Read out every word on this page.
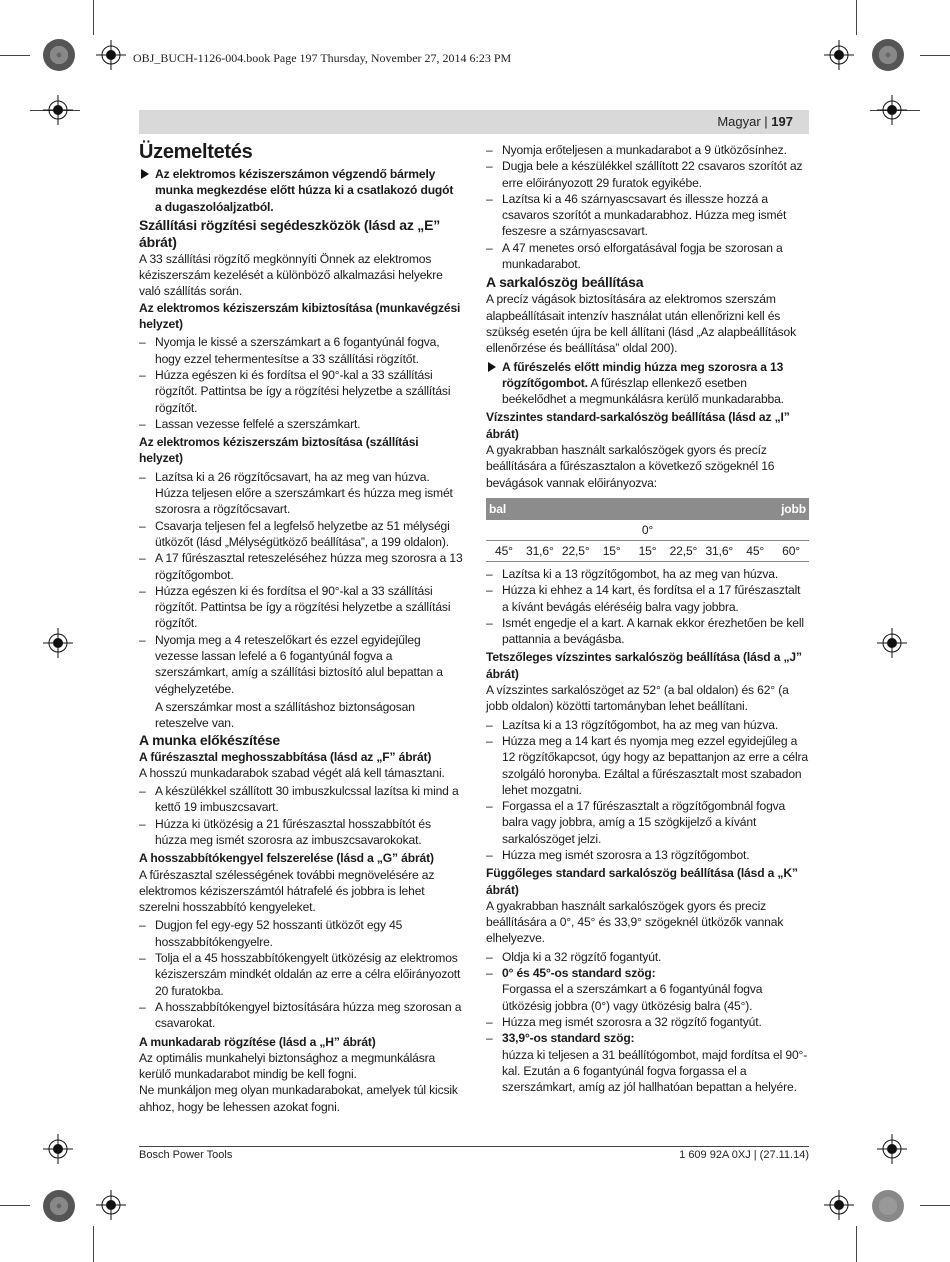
OBJ_BUCH-1126-004.book Page 197 Thursday, November 27, 2014 6:23 PM
Magyar | 197

Üzemeltetés

Az elektromos kéziszerszámon végzendő bármely munka megkezdése előtt húzza ki a csatlakozó dugót a dugaszolóaljzatból.

Szállítási rögzítési segédeszközök (lásd az „E” ábrát)

A 33 szállítási rögzítő megkönnyíti Önnek az elektromos kéziszerszám kezelését a különböző alkalmazási helyekre való szállítás során.

Az elektromos kéziszerszám kibiztosítása (munkavégzési helyzet)

– Nyomja le kissé a szerszámkart a 6 fogantyúnál fogva, hogy ezzel tehermentesítse a 33 szállítási rögzítőt.
– Húzza egészen ki és fordítsa el 90°-kal a 33 szállítási rögzítőt. Pattintsa be így a rögzítési helyzetbe a szállítási rögzítőt.
– Lassan vezesse felfelé a szerszámkart.

Az elektromos kéziszerszám biztosítása (szállítási helyzet)

– Lazítsa ki a 26 rögzítőcsavart, ha az meg van húzva. Húzza teljesen előre a szerszámkart és húzza meg ismét szorosra a rögzítőcsavart.
– Csavarja teljesen fel a legfelső helyzetbe az 51 mélységi ütközőt (lásd „Mélységütköző beállítása”, a 199 oldalon).
– A 17 fűrészasztal reteszeléséhez húzza meg szorosra a 13 rögzítőgombot.
– Húzza egészen ki és fordítsa el 90°-kal a 33 szállítási rögzítőt. Pattintsa be így a rögzítési helyzetbe a szállítási rögzítőt.
– Nyomja meg a 4 reteszelőkart és ezzel egyidejűleg vezesse lassan lefelé a 6 fogantyúnál fogva a szerszámkart, amíg a szállítási biztosító alul bepattan a véghelyzetébe.

A szerszámkar most a szállításhoz biztonságosan reteszelve van.

A munka előkészítése

A fűrészasztal meghosszabbítása (lásd az „F” ábrát)

A hosszú munkadarabok szabad végét alá kell támasztani.

– A készülékkel szállított 30 imbuszkulcssal lazítsa ki mind a kettő 19 imbuszcsavart.
– Húzza ki ütközésig a 21 fűrészasztal hosszabbítót és húzza meg ismét szorosra az imbuszcsavarokokat.

A hosszabbítókengyel felszerelése (lásd a „G” ábrát)

A fűrészasztal szélességének további megnövelésére az elektromos kéziszerszámtól hátrafelé és jobbra is lehet szerelni hosszabbító kengyeleket.

– Dugjon fel egy-egy 52 hosszanti ütközőt egy 45 hosszabbítókengyelre.
– Tolja el a 45 hosszabbítókengyelt ütközésig az elektromos kéziszerszám mindkét oldalán az erre a célra előirányozott 20 furatokba.
– A hosszabbítókengyel biztosítására húzza meg szorosan a csavarokat.

A munkadarab rögzítése (lásd a „H” ábrát)

Az optimális munkahelyi biztonsághoz a megmunkálásra kerülő munkadarabot mindig be kell fogni.

Ne munkáljon meg olyan munkadarabokat, amelyek túl kicsik ahhoz, hogy be lehessen azokat fogni.

– Nyomja erőteljesen a munkadarabot a 9 ütközősínhez.
– Dugja bele a készülékkel szállított 22 csavaros szorítót az erre előirányozott 29 furatok egyikébe.
– Lazítsa ki a 46 szárnyascsavart és illessze hozzá a csavaros szorítót a munkadarabhoz. Húzza meg ismét feszesre a szárnyascsavart.
– A 47 menetes orsó elforgatásával fogja be szorosan a munkadarabot.

A sarkalószög beállítása

A precíz vágások biztosítására az elektromos szerszám alapbeállításait intenzív használat után ellenőrizni kell és szükség esetén újra be kell állítani (lásd „Az alapbeállítások ellenőrzése és beállítása” oldal 200).

A fűrészelés előtt mindig húzza meg szorosra a 13 rögzítőgombot. A fűrészlap ellenkező esetben beékelődhet a megmunkálásra kerülő munkadarabba.

Vízszintes standard-sarkalószög beállítása (lásd az „I” ábrát)

A gyakrabban használt sarkalószögek gyors és precíz beállítására a fűrészasztalon a következő szögeknél 16 bevágások vannak előirányozva:

bal	jobb
0°
45°	31,6° 22,5°	15°	15°	22,5° 31,6°	45°	60°
– Lazítsa ki a 13 rögzítőgombot, ha az meg van húzva.
– Húzza ki ehhez a 14 kart, és fordítsa el a 17 fűrészasztalt a kívánt bevágás eléréséig balra vagy jobbra.
– Ismét engedje el a kart. A karnak ekkor érezhetően be kell pattannia a bevágásba.

Tetszőleges vízszintes sarkalószög beállítása (lásd a „J” ábrát)

A vízszintes sarkalószöget az 52° (a bal oldalon) és 62° (a jobb oldalon) közötti tartományban lehet beállítani.

– Lazítsa ki a 13 rögzítőgombot, ha az meg van húzva.
– Húzza meg a 14 kart és nyomja meg ezzel egyidejűleg a 12 rögzítőkapcsot, úgy hogy az bepattanjon az erre a célra szolgáló horonyba. Ezáltal a fűrészasztalt most szabadon lehet mozgatni.
– Forgassa el a 17 fűrészasztalt a rögzítőgombnál fogva balra vagy jobbra, amíg a 15 szögkijelző a kívánt sarkalószöget jelzi.
– Húzza meg ismét szorosra a 13 rögzítőgombot.

Függőleges standard sarkalószög beállítása (lásd a „K” ábrát)

A gyakrabban használt sarkalószögek gyors és preciz beállítására a 0°, 45° és 33,9° szögeknél ütközők vannak elhelyezve.

– Oldja ki a 32 rögzítő fogantyút.
– 0° és 45°-os standard szög:
Forgassa el a szerszámkart a 6 fogantyúnál fogva ütközésig jobbra (0°) vagy ütközésig balra (45°).
– Húzza meg ismét szorosra a 32 rögzítő fogantyút.
– 33,9°-os standard szög:
húzza ki teljesen a 31 beállítógombot, majd fordítsa el 90°-kal. Ezután a 6 fogantyúnál fogva forgassa el a szerszámkart, amíg az jól hallhatóan bepattan a helyére.
Bosch Power Tools	1 609 92A 0XJ | (27.11.14)
